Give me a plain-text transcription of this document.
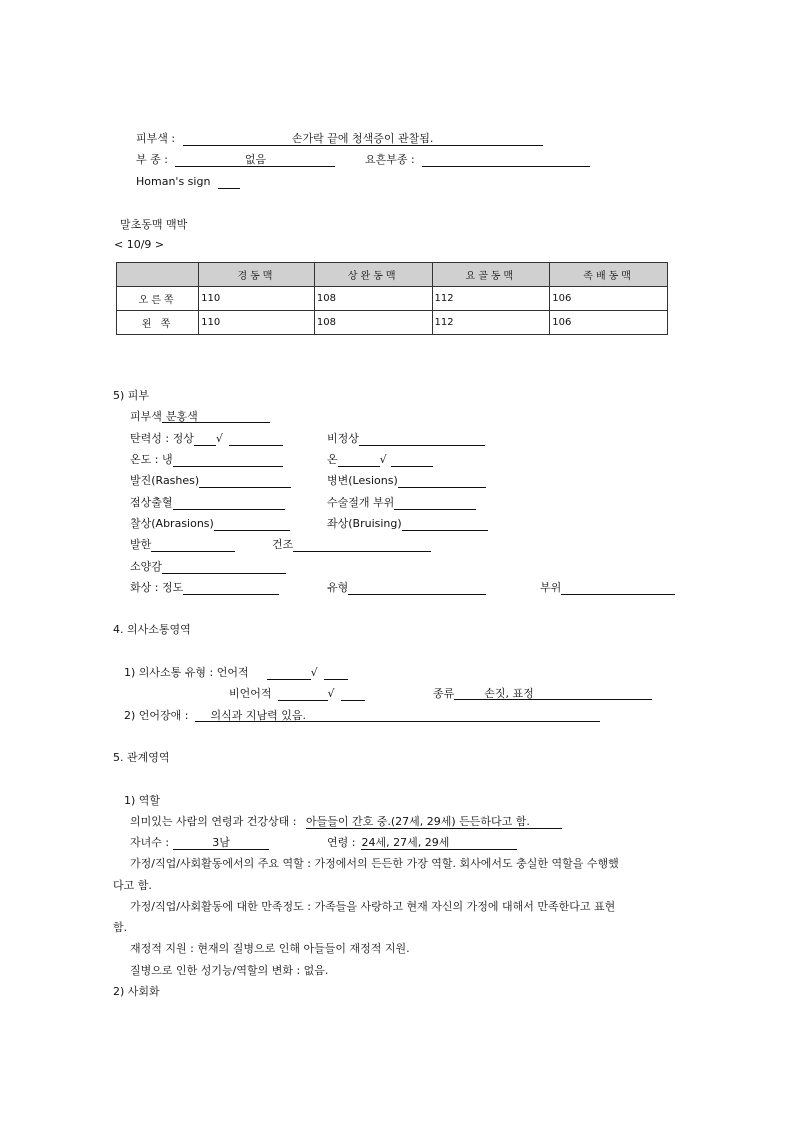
피부색 :	손가락 끝에 청색증이 관찰됨.
부 종 :	없음	요흔부종 :
Homan's sign
말초동맥 맥박
< 10/9 >
	경동맥	상완동맥	요골동맥	족배동맥
오른쪽	110	108	112	106
왼 쪽	110	108	112	106
5) 피부
피부색 분홍색
탄력성 : 정상 √	비정상
온도 : 냉	온	√
발진(Rashes)	병변(Lesions)
점상출혈	수술절개 부위
찰상(Abrasions)	좌상(Bruising)
발한	건조
소양감
화상 : 정도	유형	부위
4. 의사소통영역
1) 의사소통 유형 : 언어적	√
비언어적	√	종류	손짓, 표정
2) 언어장애 : 의식과 지남력 있음.
5. 관계영역
1) 역할
의미있는 사람의 연령과 건강상태 : 아들들이 간호 중.(27세, 29세) 든든하다고 함.
자녀수 :	3남	연령 : 24세, 27세, 29세
가정/직업/사회활동에서의 주요 역할 : 가정에서의 든든한 가장 역할. 회사에서도 충실한 역할을 수행했
다고 함.
가정/직업/사회활동에 대한 만족정도 : 가족들을 사랑하고 현재 자신의 가정에 대해서 만족한다고 표현
함.
재정적 지원 : 현재의 질병으로 인해 아들들이 재정적 지원.
질병으로 인한 성기능/역할의 변화 : 없음.
2) 사회화
